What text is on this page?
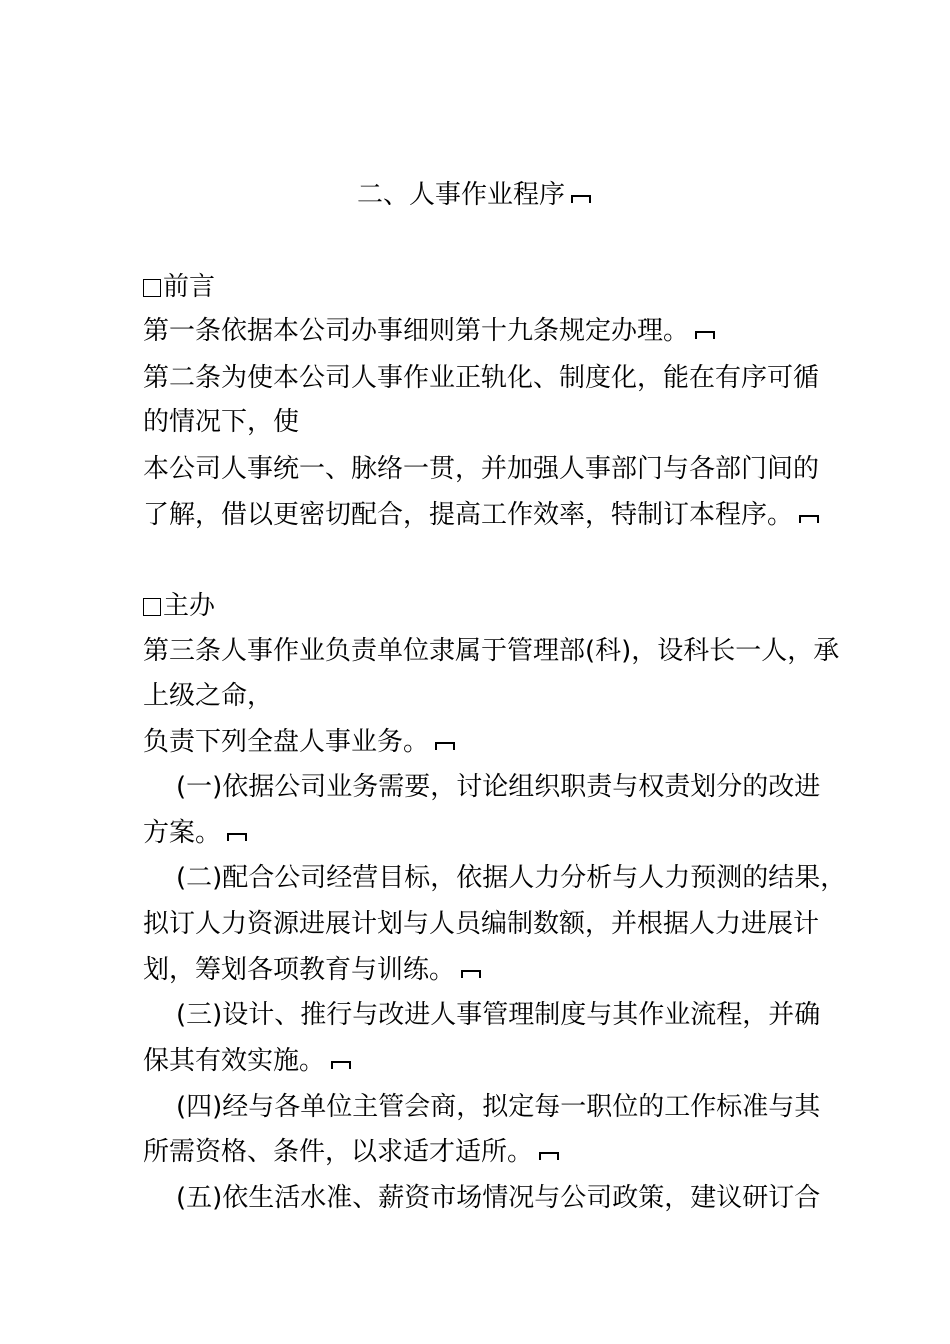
二、人事作业程序
前言
第一条依据本公司办事细则第十九条规定办理。
第二条为使本公司人事作业正轨化、制度化，能在有序可循
的情况下，使
本公司人事统一、脉络一贯，并加强人事部门与各部门间的
了解，借以更密切配合，提高工作效率，特制订本程序。
主办
第三条人事作业负责单位隶属于管理部(科)，设科长一人，承
上级之命，
负责下列全盘人事业务。
(一)依据公司业务需要，讨论组织职责与权责划分的改进
方案。
(二)配合公司经营目标，依据人力分析与人力预测的结果，
拟订人力资源进展计划与人员编制数额，并根据人力进展计
划，筹划各项教育与训练。
(三)设计、推行与改进人事管理制度与其作业流程，并确
保其有效实施。
(四)经与各单位主管会商，拟定每一职位的工作标准与其
所需资格、条件，以求适才适所。
(五)依生活水准、薪资市场情况与公司政策，建议研订合
